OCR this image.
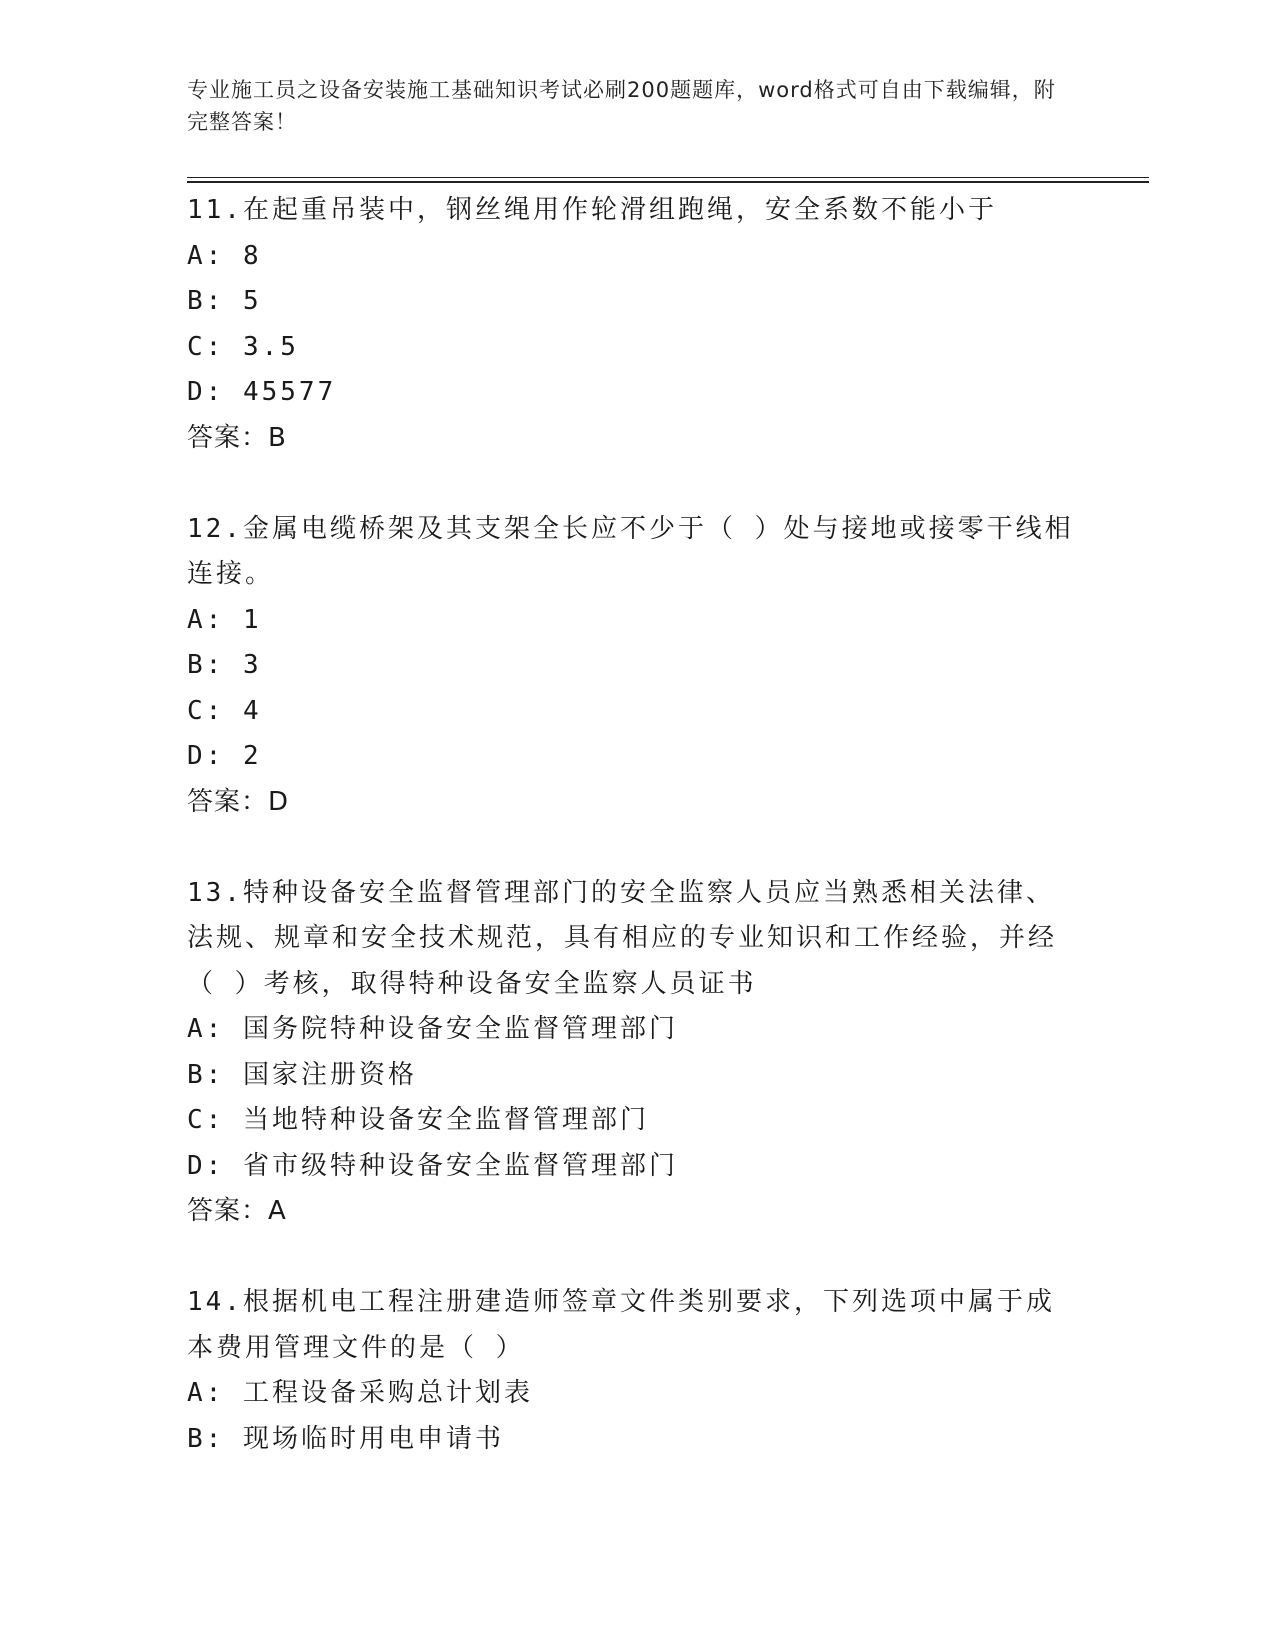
专业施工员之设备安装施工基础知识考试必刷200题题库，word格式可自由下载编辑，附完整答案！

11.在起重吊装中，钢丝绳用作轮滑组跑绳，安全系数不能小于

A: 8

B: 5

C: 3.5

D: 45577

答案：B

12.金属电缆桥架及其支架全长应不少于（ ）处与接地或接零干线相连接。

A: 1

B: 3

C: 4

D: 2

答案：D

13.特种设备安全监督管理部门的安全监察人员应当熟悉相关法律、法规、规章和安全技术规范，具有相应的专业知识和工作经验，并经（ ）考核，取得特种设备安全监察人员证书

A: 国务院特种设备安全监督管理部门

B: 国家注册资格

C: 当地特种设备安全监督管理部门

D: 省市级特种设备安全监督管理部门

答案：A

14.根据机电工程注册建造师签章文件类别要求，下列选项中属于成本费用管理文件的是（ ）

A: 工程设备采购总计划表

B: 现场临时用电申请书
